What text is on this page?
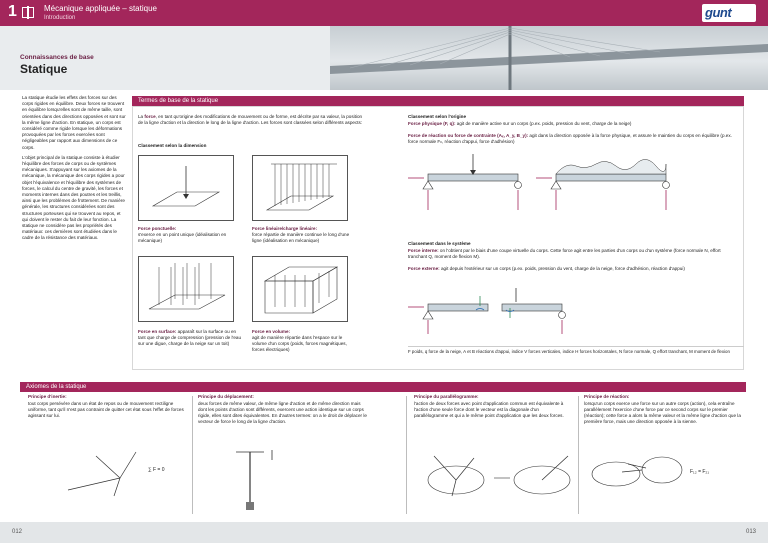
1	Mécanique appliquée – statique
Introduction
Connaissances de base
Statique
gunt

La statique étudie les effets des forces sur des corps rigides en équilibre. Deux forces se trouvent en équilibre lorsqu'elles sont de même taille, sont orientées dans des directions opposées et sont sur la même ligne d'action. En statique, un corps est considéré comme rigide lorsque les déformations provoquées par les forces exercées sont négligeables par rapport aux dimensions de ce corps.

L'objet principal de la statique consiste à étudier l'équilibre des forces de corps ou de systèmes mécaniques. S'appuyant sur les axiomes de la mécanique, la mécanique des corps rigides a pour objet l'équivalence et l'équilibre des systèmes de forces, le calcul du centre de gravité, les forces et moments internes dans des poutres et les treillis, ainsi que les problèmes de frottement. De manière générale, les structures considérées sont des structures porteuses qui se trouvent au repos, et qui doivent le rester du fait de leur fonction. La statique ne considère pas les propriétés des matériaux: ces dernières sont étudiées dans le cadre de la résistance des matériaux.

Termes de base de la statique
La force, en tant qu'origine des modifications de mouvement ou de forme, est décrite par sa valeur, la position de la ligne d'action et la direction le long de la ligne d'action. Les forces sont classées selon différents aspects:
Classement selon la dimension
Force ponctuelle:
s'exerce en un point unique (idéalisation en mécanique)
Force linéaire/charge linéaire:
force répartie de manière continue le long d'une ligne (idéalisation en mécanique)
Force en surface: apparaît sur la surface ou en tant que charge de compression (pression de l'eau sur une digue, charge de la neige sur un toit)
Force en volume:
agit de manière répartie dans l'espace sur le volume d'un corps (poids, forces magnétiques, forces électriques)
Classement selon l'origine
Force physique (F, q): agit de manière active sur un corps (p.ex. poids, pression du vent, charge de la neige)
Force de réaction ou force de contrainte (Aₓ, A_y, B_y): agit dans la direction opposée à la force physique, et assure le maintien du corps en équilibre (p.ex. force normale Fₙ, réaction d'appui, force d'adhésion)
Classement dans le système
Force interne: on l'obtient par le biais d'une coupe virtuelle du corps. Cette force agit entre les parties d'un corps ou d'un système (force normale N, effort tranchant Q, moment de flexion M).
Force externe: agit depuis l'extérieur sur un corps (p.ex. poids, pression du vent, charge de la neige, force d'adhésion, réaction d'appui)
F poids, q force de la neige, A et B réactions d'appui, indice V forces verticales, indice H forces horizontales, N force normale, Q effort tranchant, M moment de flexion
Axiomes de la statique
Principe d'inertie:
tout corps persévère dans un état de repos ou de mouvement rectiligne uniforme, tant qu'il n'est pas contraint de quitter cet état sous l'effet de forces agissant sur lui.
∑ F = 0
Principe du déplacement:
deux forces de même valeur, de même ligne d'action et de même direction mais dont les points d'action sont différents, exercent une action identique sur un corps rigide, elles sont dites équivalentes. En d'autres termes: on a le droit de déplacer le vecteur de force le long de la ligne d'action.
Principe du parallélogramme:
l'action de deux forces avec point d'application commun est équivalente à l'action d'une seule force dont le vecteur est la diagonale d'un parallélogramme et qui a le même point d'application que les deux forces.
Principe de réaction:
lorsqu'un corps exerce une force sur un autre corps (action), cela entraîne parallèlement l'exercice d'une force par ce second corps sur le premier (réaction); cette force a alors la même valeur et la même ligne d'action que la première force, mais une direction opposée à la sienne.
F₁₂ = F₂₁
012	013
